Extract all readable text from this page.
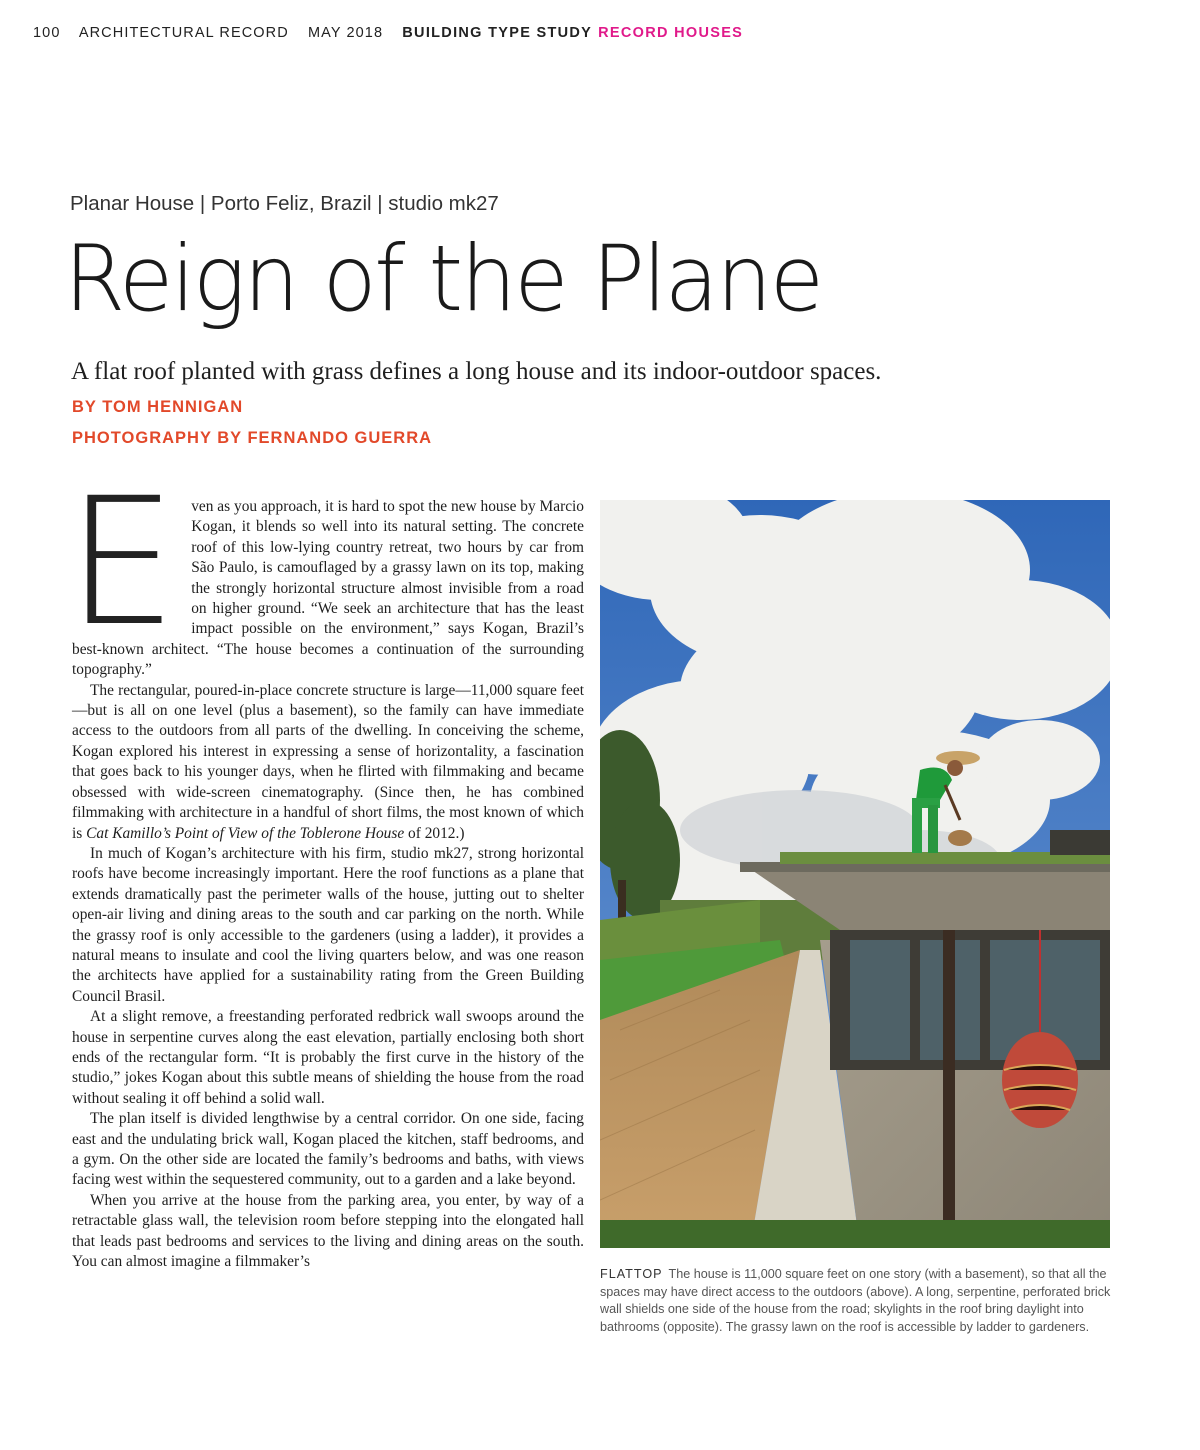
100 ARCHITECTURAL RECORD MAY 2018 BUILDING TYPE STUDY RECORD HOUSES
Planar House | Porto Feliz, Brazil | studio mk27
Reign of the Plane
A flat roof planted with grass defines a long house and its indoor-outdoor spaces.
BY TOM HENNIGAN
PHOTOGRAPHY BY FERNANDO GUERRA

Even as you approach, it is hard to spot the new house by Marcio Kogan, it blends so well into its natural setting. The concrete roof of this low-lying country retreat, two hours by car from São Paulo, is camouflaged by a grassy lawn on its top, making the strongly horizontal structure almost invisible from a road on higher ground. “We seek an architecture that has the least impact possible on the environment,” says Kogan, Brazil’s best-known architect. “The house becomes a continuation of the surrounding topography.”

The rectangular, poured-in-place concrete structure is large—11,000 square feet—but is all on one level (plus a basement), so the family can have immediate access to the outdoors from all parts of the dwelling. In conceiving the scheme, Kogan explored his interest in expressing a sense of horizontality, a fascination that goes back to his younger days, when he flirted with filmmaking and became obsessed with wide-screen cinematography. (Since then, he has combined filmmaking with architecture in a handful of short films, the most known of which is Cat Kamillo’s Point of View of the Toblerone House of 2012.)

In much of Kogan’s architecture with his firm, studio mk27, strong horizontal roofs have become increasingly important. Here the roof functions as a plane that extends dramatically past the perimeter walls of the house, jutting out to shelter open-air living and dining areas to the south and car parking on the north. While the grassy roof is only accessible to the gardeners (using a ladder), it provides a natural means to insulate and cool the living quarters below, and was one reason the architects have applied for a sustainability rating from the Green Building Council Brasil.

At a slight remove, a freestanding perforated redbrick wall swoops around the house in serpentine curves along the east elevation, partially enclosing both short ends of the rectangular form. “It is probably the first curve in the history of the studio,” jokes Kogan about this subtle means of shielding the house from the road without sealing it off behind a solid wall.

The plan itself is divided lengthwise by a central corridor. On one side, facing east and the undulating brick wall, Kogan placed the kitchen, staff bedrooms, and a gym. On the other side are located the family’s bedrooms and baths, with views facing west within the sequestered community, out to a garden and a lake beyond.

When you arrive at the house from the parking area, you enter, by way of a retractable glass wall, the television room before stepping into the elongated hall that leads past bedrooms and services to the living and dining areas on the south. You can almost imagine a filmmaker’s

FLATTOP The house is 11,000 square feet on one story (with a basement), so that all the spaces may have direct access to the outdoors (above). A long, serpentine, perforated brick wall shields one side of the house from the road; skylights in the roof bring daylight into bathrooms (opposite). The grassy lawn on the roof is accessible by ladder to gardeners.
